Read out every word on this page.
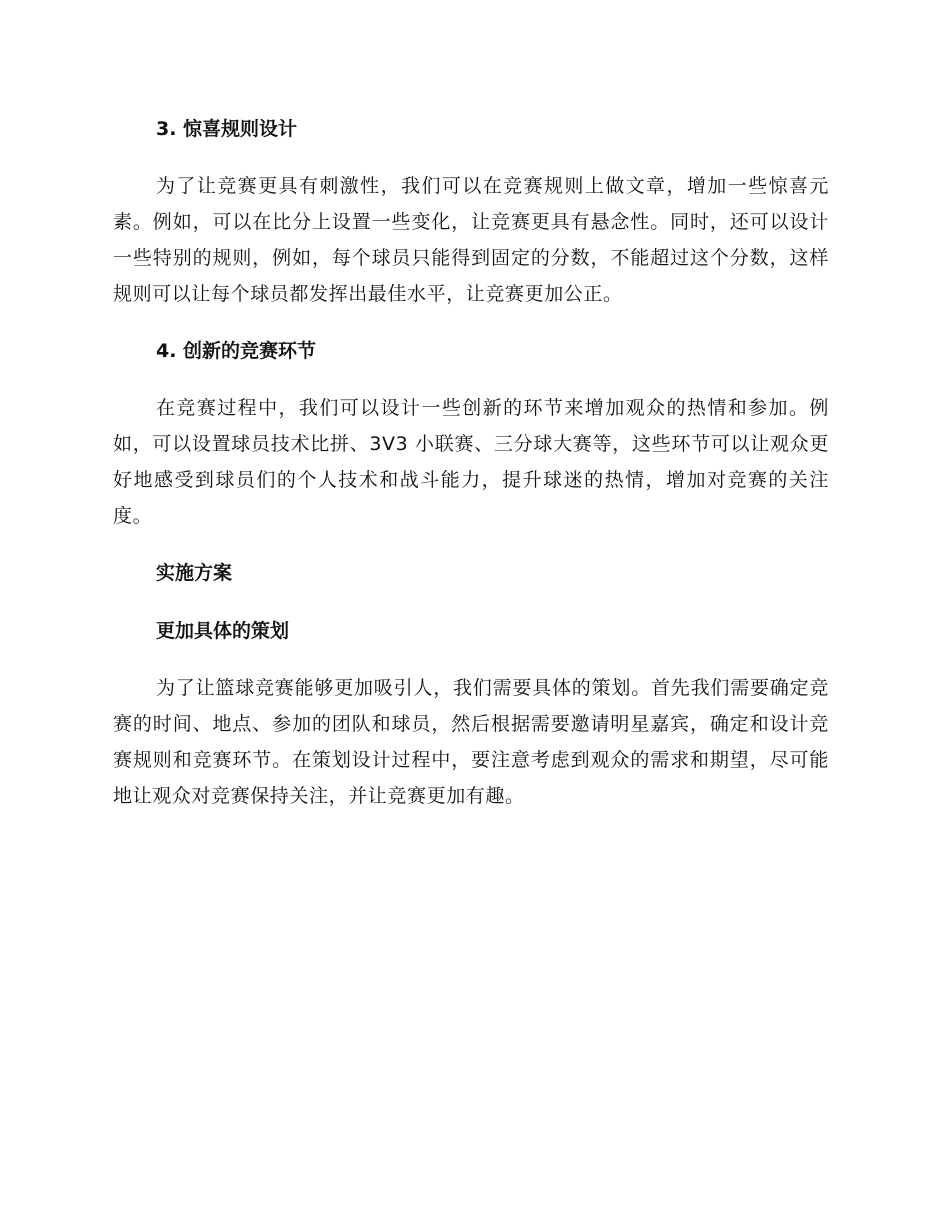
3. 惊喜规则设计

为了让竞赛更具有刺激性，我们可以在竞赛规则上做文章，增加一些惊喜元素。例如，可以在比分上设置一些变化，让竞赛更具有悬念性。同时，还可以设计一些特别的规则，例如，每个球员只能得到固定的分数，不能超过这个分数，这样规则可以让每个球员都发挥出最佳水平，让竞赛更加公正。

4. 创新的竞赛环节

在竞赛过程中，我们可以设计一些创新的环节来增加观众的热情和参加。例如，可以设置球员技术比拼、3V3 小联赛、三分球大赛等，这些环节可以让观众更好地感受到球员们的个人技术和战斗能力，提升球迷的热情，增加对竞赛的关注度。

实施方案
更加具体的策划

为了让篮球竞赛能够更加吸引人，我们需要具体的策划。首先我们需要确定竞赛的时间、地点、参加的团队和球员，然后根据需要邀请明星嘉宾，确定和设计竞赛规则和竞赛环节。在策划设计过程中，要注意考虑到观众的需求和期望，尽可能地让观众对竞赛保持关注，并让竞赛更加有趣。
